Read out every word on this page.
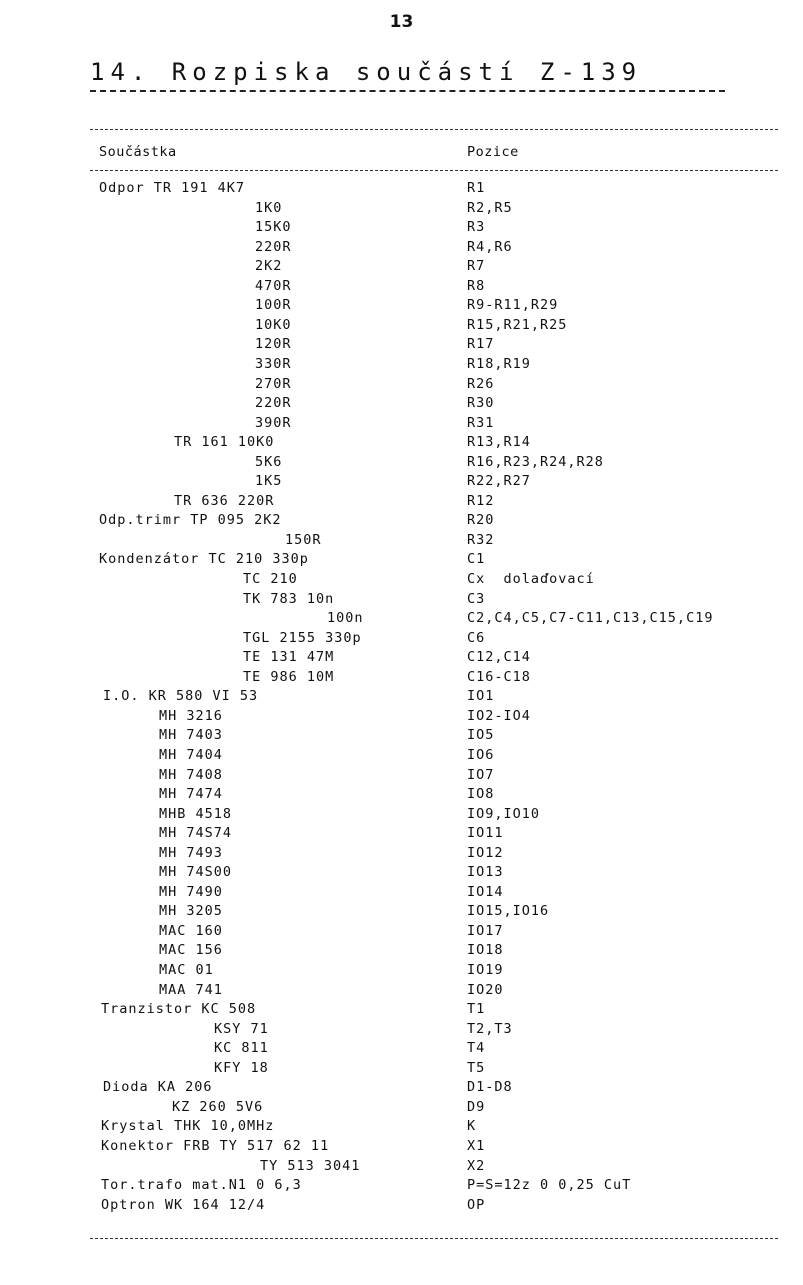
13
14. Rozpiska součástí Z-139
Součástka	Pozice
Odpor TR 191 4K7	R1
1K0	R2,R5
15K0	R3
220R	R4,R6
2K2	R7
470R	R8
100R	R9-R11,R29
10K0	R15,R21,R25
120R	R17
330R	R18,R19
270R	R26
220R	R30
390R	R31
TR 161 10K0	R13,R14
5K6	R16,R23,R24,R28
1K5	R22,R27
TR 636 220R	R12
Odp.trimr TP 095 2K2	R20
150R	R32
Kondenzátor TC 210 330p	C1
TC 210	Cx  dolaďovací
TK 783 10n	C3
100n	C2,C4,C5,C7-C11,C13,C15,C19
TGL 2155 330p	C6
TE 131 47M	C12,C14
TE 986 10M	C16-C18
I.O. KR 580 VI 53	IO1
MH 3216	IO2-IO4
MH 7403	IO5
MH 7404	IO6
MH 7408	IO7
MH 7474	IO8
MHB 4518	IO9,IO10
MH 74S74	IO11
MH 7493	IO12
MH 74S00	IO13
MH 7490	IO14
MH 3205	IO15,IO16
MAC 160	IO17
MAC 156	IO18
MAC 01	IO19
MAA 741	IO20
Tranzistor KC 508	T1
KSY 71	T2,T3
KC 811	T4
KFY 18	T5
Dioda KA 206	D1-D8
KZ 260 5V6	D9
Krystal THK 10,0MHz	K
Konektor FRB TY 517 62 11	X1
TY 513 3041	X2
Tor.trafo mat.N1 0 6,3	P=S=12z 0 0,25 CuT
Optron WK 164 12/4	OP
